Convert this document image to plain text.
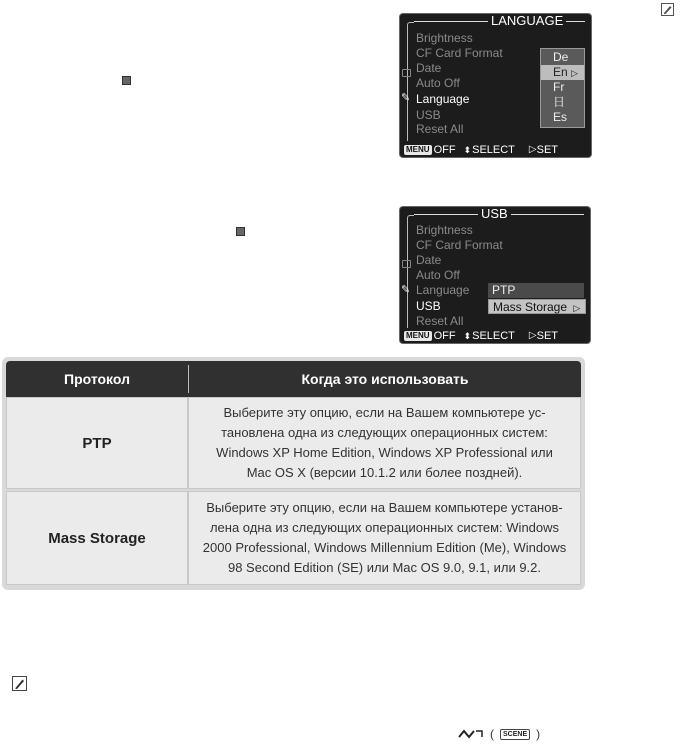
LANGUAGE
✎
Brightness
CF Card Format
Date
Auto Off
Language
USB
Reset All
De
En ▷
Fr
日
Es
MENU OFF ⬍ SELECT ▷ SET
USB
✎
Brightness
CF Card Format
Date
Auto Off
Language
USB
Reset All
PTP
Mass Storage ▷
MENU OFF ⬍ SELECT ▷ SET
Протокол	Когда это использовать
PTP
Выберите эту опцию, если на Вашем компьютере ус-
тановлена одна из следующих операционных систем:
Windows XP Home Edition, Windows XP Professional или
Mac OS X (версии 10.1.2 или более поздней).
Mass Storage
Выберите эту опцию, если на Вашем компьютере установ-
лена одна из следующих операционных систем: Windows
2000 Professional, Windows Millennium Edition (Me), Windows
98 Second Edition (SE) или Mac OS 9.0, 9.1, или 9.2.
(	SCENE )
